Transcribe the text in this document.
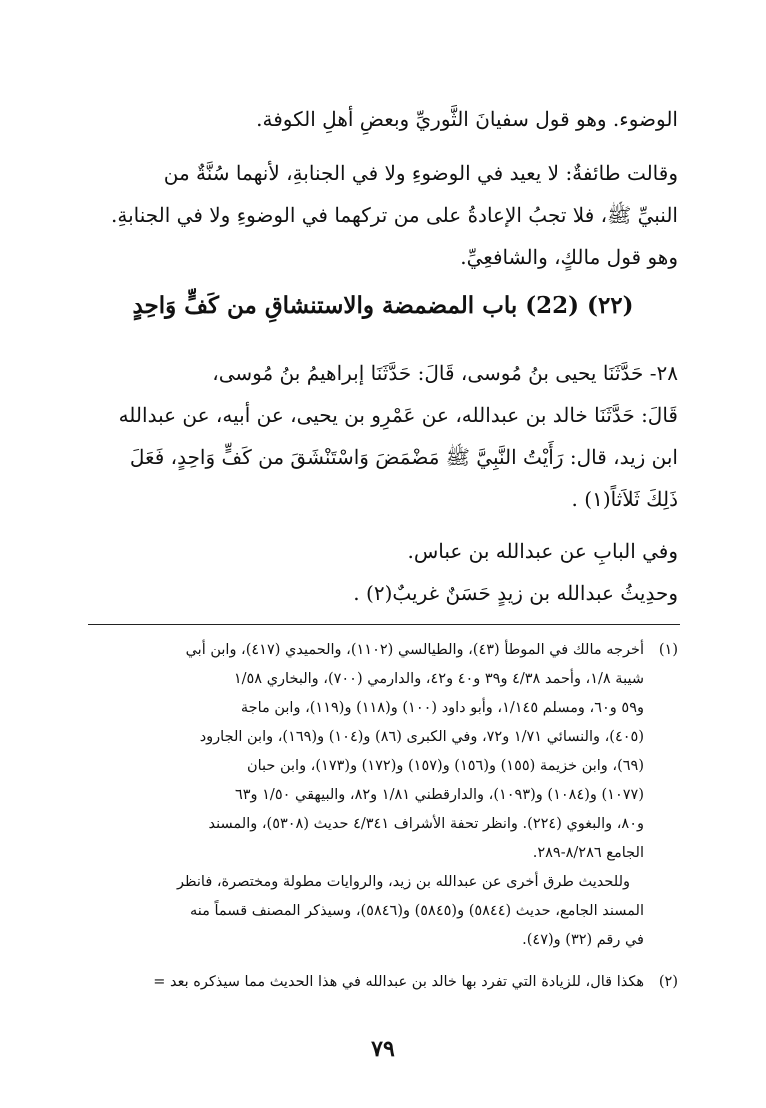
الوضوء. وهو قول سفيانَ الثَّوريِّ وبعضِ أهلِ الكوفة.
وقالت طائفةٌ: لا يعيد في الوضوءِ ولا في الجنابةِ، لأنهما سُنَّةٌ من
النبيِّ ﷺ، فلا تجبُ الإعادةُ على من تركهما في الوضوءِ ولا في الجنابةِ.
وهو قول مالكٍ، والشافعِيِّ.
(٢٢) (22) باب المضمضة والاستنشاقِ من كَفٍّ وَاحِدٍ
٢٨- حَدَّثَنَا يحيى بنُ مُوسى، قَالَ: حَدَّثَنَا إبراهيمُ بنُ مُوسى،
قَالَ: حَدَّثَنَا خالد بن عبدالله، عن عَمْرِو بن يحيى، عن أبيه، عن عبدالله
ابن زيد، قال: رَأَيْتُ النَّبِيَّ ﷺ مَضْمَضَ وَاسْتَنْشَقَ من كَفٍّ وَاحِدٍ، فَعَلَ
ذَلِكَ ثَلاَثاً(١) .
وفي البابِ عن عبدالله بن عباس.
وحدِيثُ عبدالله بن زيدٍ حَسَنٌ غريبٌ(٢) .
(١)
أخرجه مالك في الموطأ (٤٣)، والطيالسي (١١٠٢)، والحميدي (٤١٧)، وابن أبي
شيبة ١/٨، وأحمد ٤/٣٨ و٣٩ و٤٠ و٤٢، والدارمي (٧٠٠)، والبخاري ١/٥٨
و٥٩ و٦٠، ومسلم ١/١٤٥، وأبو داود (١٠٠) و(١١٨) و(١١٩)، وابن ماجة
(٤٠٥)، والنسائي ١/٧١ و٧٢، وفي الكبرى (٨٦) و(١٠٤) و(١٦٩)، وابن الجارود
(٦٩)، وابن خزيمة (١٥٥) و(١٥٦) و(١٥٧) و(١٧٢) و(١٧٣)، وابن حبان
(١٠٧٧) و(١٠٨٤) و(١٠٩٣)، والدارقطني ١/٨١ و٨٢، والبيهقي ١/٥٠ و٦٣
و٨٠، والبغوي (٢٢٤). وانظر تحفة الأشراف ٤/٣٤١ حديث (٥٣٠٨)، والمسند
الجامع ٨/٢٨٦-٢٨٩.
وللحديث طرق أخرى عن عبدالله بن زيد، والروايات مطولة ومختصرة، فانظر
المسند الجامع، حديث (٥٨٤٤) و(٥٨٤٥) و(٥٨٤٦)، وسيذكر المصنف قسماً منه
في رقم (٣٢) و(٤٧).
(٢)
هكذا قال، للزيادة التي تفرد بها خالد بن عبدالله في هذا الحديث مما سيذكره بعد =
٧٩
